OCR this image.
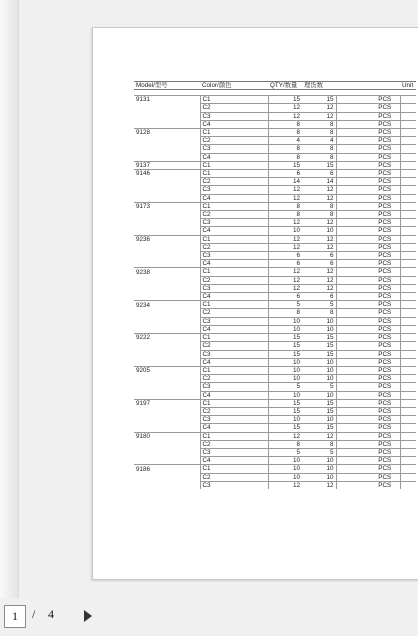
Model/型号	Color/颜色		QTY/数量	理货数			Unit

9131	C1		15	15		PCS	
	C2		12	12		PCS	
	C3		12	12		PCS	
	C4		8	8		PCS	
9128	C1		8	8		PCS	
	C2		4	4		PCS	
	C3		8	8		PCS	
	C4		8	8		PCS	
9137	C1		15	15		PCS	
9146	C1		6	6		PCS	
	C2		14	14		PCS	
	C3		12	12		PCS	
	C4		12	12		PCS	
9173	C1		8	8		PCS	
	C2		8	8		PCS	
	C3		12	12		PCS	
	C4		10	10		PCS	
9236	C1		12	12		PCS	
	C2		12	12		PCS	
	C3		6	6		PCS	
	C4		6	6		PCS	
9238	C1		12	12		PCS	
	C2		12	12		PCS	
	C3		12	12		PCS	
	C4		6	6		PCS	
9234	C1		5	5		PCS	
	C2		8	8		PCS	
	C3		10	10		PCS	
	C4		10	10		PCS	
9222	C1		15	15		PCS	
	C2		15	15		PCS	
	C3		15	15		PCS	
	C4		10	10		PCS	
9205	C1		10	10		PCS	
	C2		10	10		PCS	
	C3		5	5		PCS	
	C4		10	10		PCS	
9197	C1		15	15		PCS	
	C2		15	15		PCS	
	C3		10	10		PCS	
	C4		15	15		PCS	
9180	C1		12	12		PCS	
	C2		8	8		PCS	
	C3		5	5		PCS	
	C4		10	10		PCS	
9186	C1		10	10		PCS	
	C2		10	10		PCS	
	C3		12	12		PCS	
1	/ 4
